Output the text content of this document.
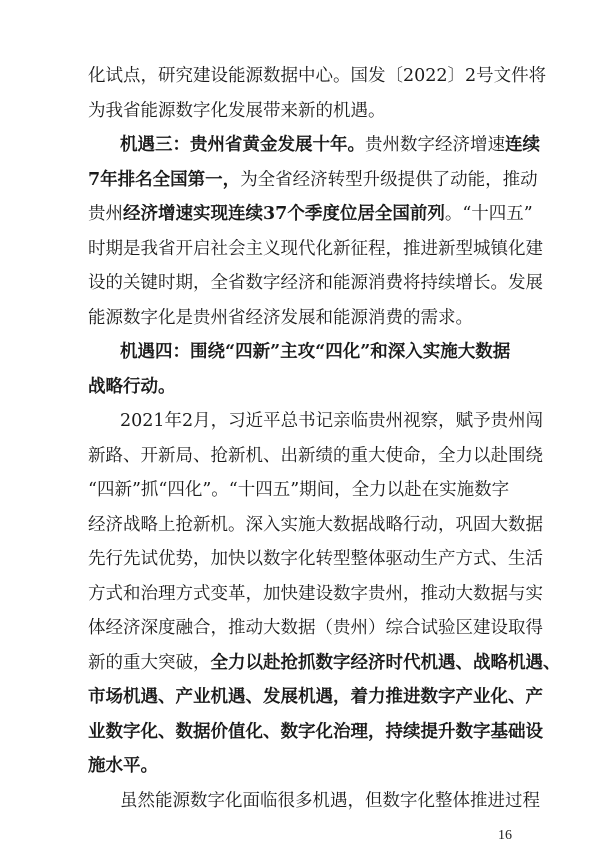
化试点，研究建设能源数据中心。国发〔2022〕2号文件将
为我省能源数字化发展带来新的机遇。
机遇三：贵州省黄金发展十年。贵州数字经济增速连续
7年排名全国第一，为全省经济转型升级提供了动能，推动
贵州经济增速实现连续37个季度位居全国前列。“十四五”
时期是我省开启社会主义现代化新征程，推进新型城镇化建
设的关键时期，全省数字经济和能源消费将持续增长。发展
能源数字化是贵州省经济发展和能源消费的需求。
机遇四：围绕“四新”主攻“四化”和深入实施大数据
战略行动。
2021年2月，习近平总书记亲临贵州视察，赋予贵州闯
新路、开新局、抢新机、出新绩的重大使命，全力以赴围绕
“四新”抓“四化”。“十四五”期间，全力以赴在实施数字
经济战略上抢新机。深入实施大数据战略行动，巩固大数据
先行先试优势，加快以数字化转型整体驱动生产方式、生活
方式和治理方式变革，加快建设数字贵州，推动大数据与实
体经济深度融合，推动大数据（贵州）综合试验区建设取得
新的重大突破，全力以赴抢抓数字经济时代机遇、战略机遇、
市场机遇、产业机遇、发展机遇，着力推进数字产业化、产
业数字化、数据价值化、数字化治理，持续提升数字基础设
施水平。
虽然能源数字化面临很多机遇，但数字化整体推进过程
16
